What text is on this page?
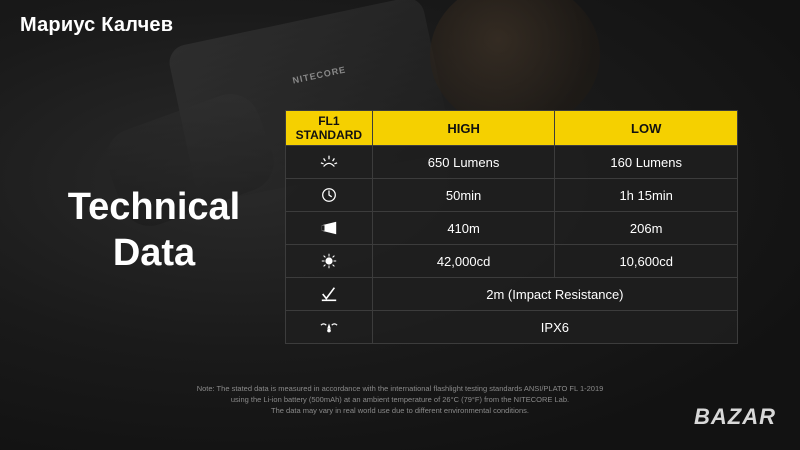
NITECORE
Мариус Калчев
Technical
Data
FL1
STANDARD	HIGH	LOW
	650 Lumens	160 Lumens
	50min	1h 15min
	410m	206m
	42,000cd	10,600cd
	2m (Impact Resistance)	
	IPX6	
Note: The stated data is measured in accordance with the international flashlight testing standards ANSI/PLATO FL 1-2019
using the Li-ion battery (500mAh) at an ambient temperature of 26°C (79°F) from the NITECORE Lab.
The data may vary in real world use due to different environmental conditions.	BAZAR
